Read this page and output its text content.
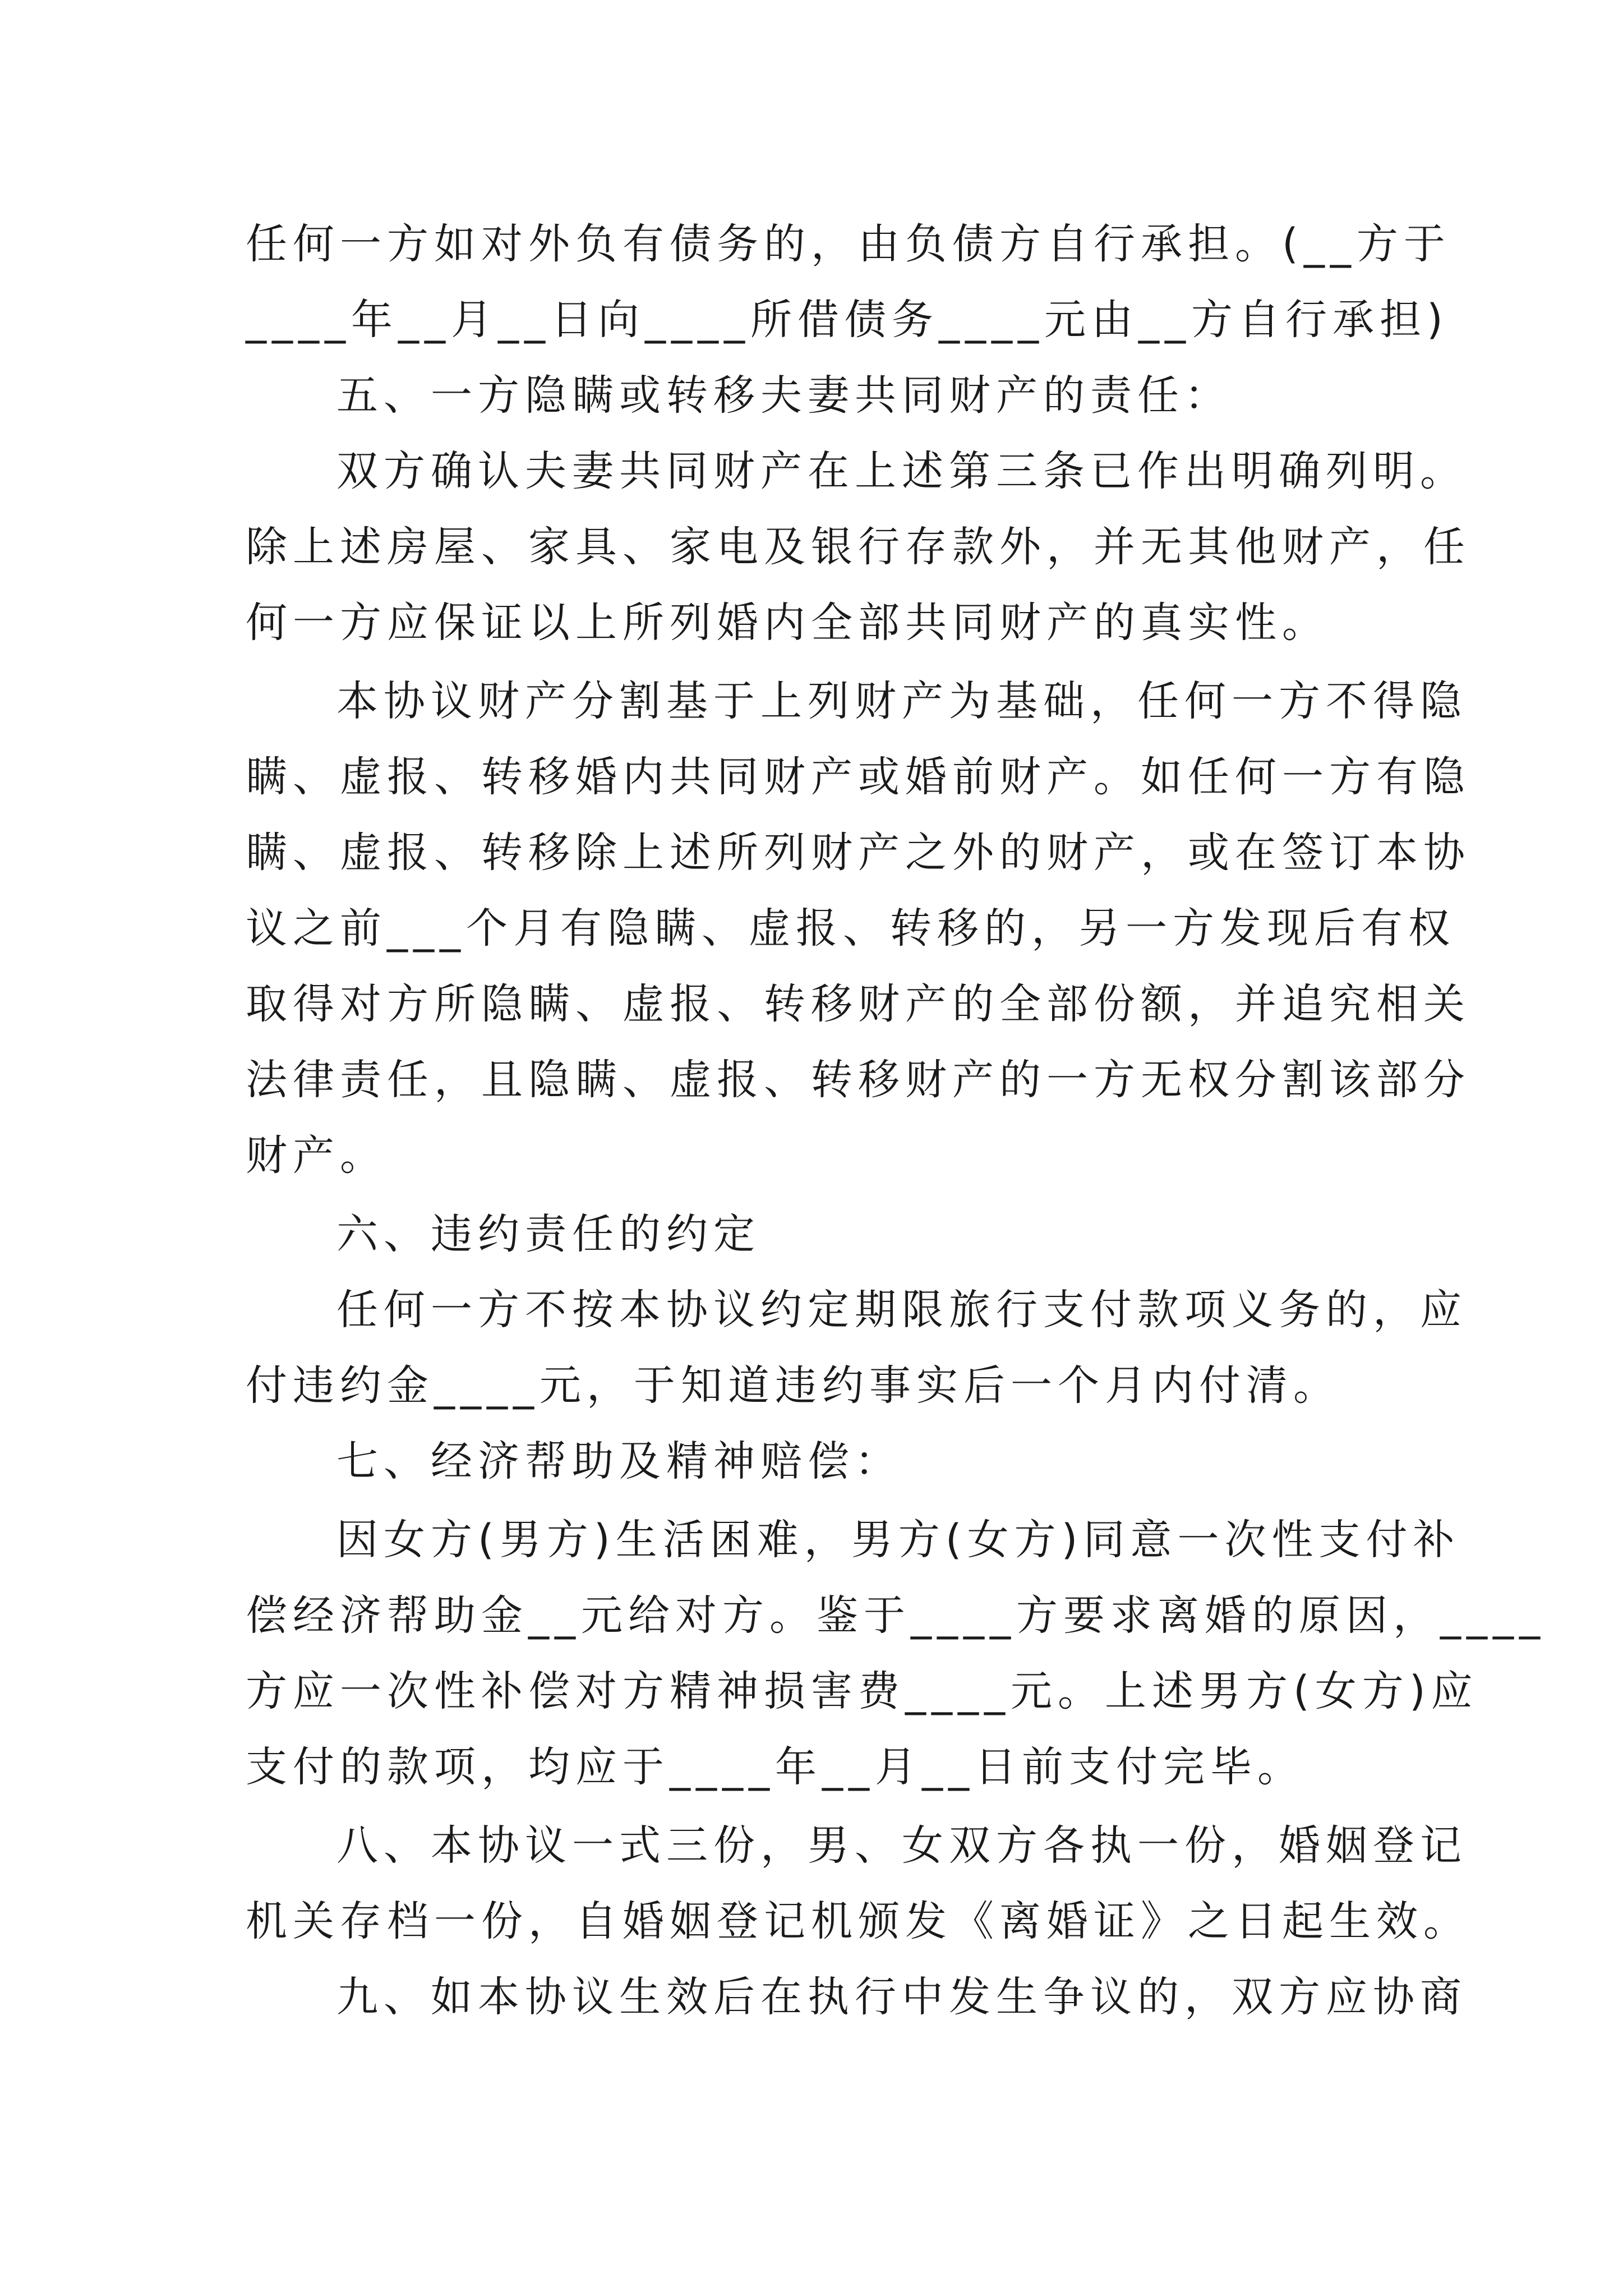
任何一方如对外负有债务的，由负债方自行承担。(__方于
____年__月__日向____所借债务____元由__方自行承担)
五、一方隐瞒或转移夫妻共同财产的责任：
双方确认夫妻共同财产在上述第三条已作出明确列明。
除上述房屋、家具、家电及银行存款外，并无其他财产，任
何一方应保证以上所列婚内全部共同财产的真实性。
本协议财产分割基于上列财产为基础，任何一方不得隐
瞒、虚报、转移婚内共同财产或婚前财产。如任何一方有隐
瞒、虚报、转移除上述所列财产之外的财产，或在签订本协
议之前___个月有隐瞒、虚报、转移的，另一方发现后有权
取得对方所隐瞒、虚报、转移财产的全部份额，并追究相关
法律责任，且隐瞒、虚报、转移财产的一方无权分割该部分
财产。
六、违约责任的约定
任何一方不按本协议约定期限旅行支付款项义务的，应
付违约金____元，于知道违约事实后一个月内付清。
七、经济帮助及精神赔偿：
因女方(男方)生活困难，男方(女方)同意一次性支付补
偿经济帮助金__元给对方。鉴于____方要求离婚的原因，____
方应一次性补偿对方精神损害费____元。上述男方(女方)应
支付的款项，均应于____年__月__日前支付完毕。
八、本协议一式三份，男、女双方各执一份，婚姻登记
机关存档一份，自婚姻登记机颁发《离婚证》之日起生效。
九、如本协议生效后在执行中发生争议的，双方应协商
